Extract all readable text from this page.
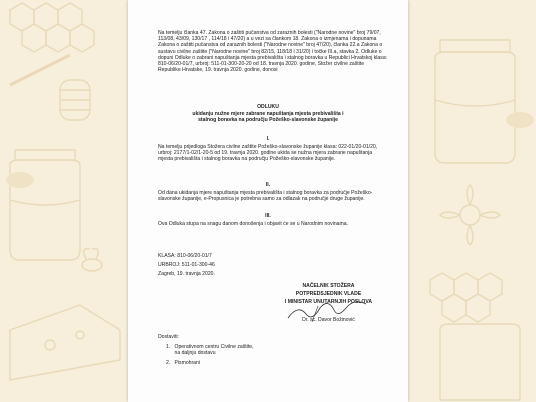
Na temelju članka 47. Zakona o zaštiti pučanstva od zaraznih bolesti ("Narodne novine" broj 79/07, 113/08, 43/09, 130/17 , 114/18 i 47/20) a u vezi sa člankom 18. Zakona o izmjenama i dopunama Zakona o zaštiti pučanstva od zaraznih bolesti ("Narodne novine" broj 47/20), članka 22.a Zakona o sustavu civilne zaštite ("Narodne novine" broj 82/15, 118/18 i 31/20) i točke III.a, stavka 2. Odluke o dopuni Odluke o zabrani napuštanja mjesta prebivališta i stalnog boravka u Republici Hrvatskoj klasa: 810-06/20-01/7, urbroj: 511-01-300-20-20 od 18. travnja 2020. godine, Stožer civilne zaštite Republike Hrvatske, 19. travnja 2020. godine, donosi
ODLUKU
ukidanju nužne mjere zabrane napuštanja mjesta prebivališta i stalnog boravka na području Požeško-slavonske županije
I.
Na temelju prijedloga Stožera civilne zaštite Požeško-slavonske županije klasa: 022-01/20-01/20, urbroj: 2177/1-02/1-20-5 od 19. travnja 2020. godine ukida se nužna mjera zabrane napuštanja mjesta prebivališta i stalnog boravka na području Požeško-slavonske županije.
II.
Od dana ukidanja mjere napuštanja mjesta prebivališta i stalnog boravka za područje Požeško-slavonske županije, e-Propusnica je potrebna samo za odlazak na područje druge županije.
III.
Ova Odluka stupa na snagu danom donošenja i objavit će se u Narodnim novinama.
KLASA: 810-06/20-01/7
URBROJ: 511-01-300-46
Zagreb, 19. travnja 2020.
NAČELNIK STOŽERA
POTPREDSJEDNIK VLADE
I MINISTAR UNUTARNJIH POSLOVA
Dr. sc. Davor Božinović
Dostaviti:
1.   Operativnom centru Civilne zaštite,
na daljnju dostavu
2.   Pismohrani
